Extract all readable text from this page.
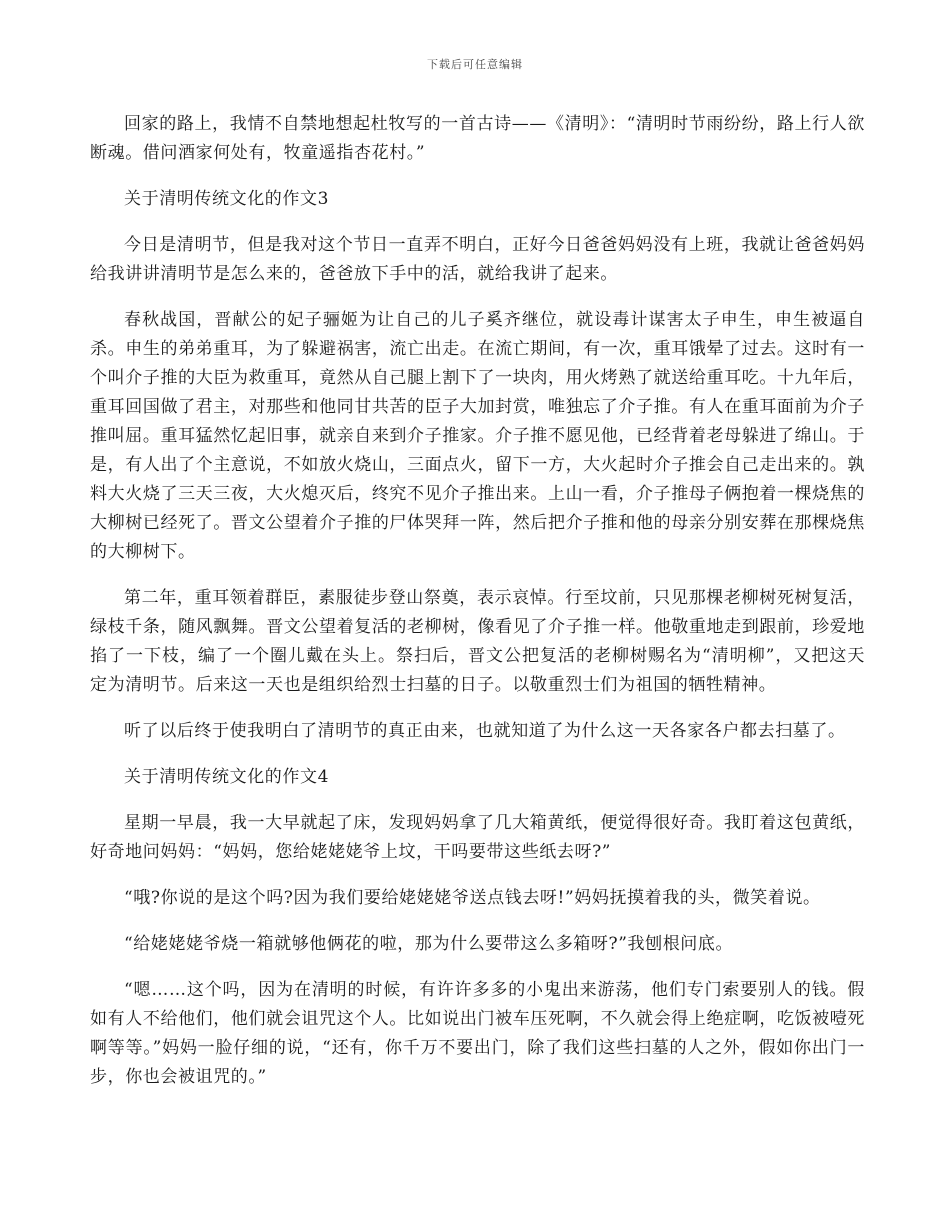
下载后可任意编辑

回家的路上，我情不自禁地想起杜牧写的一首古诗——《清明》：“清明时节雨纷纷，路上行人欲断魂。借问酒家何处有，牧童遥指杏花村。”

关于清明传统文化的作文3

今日是清明节，但是我对这个节日一直弄不明白，正好今日爸爸妈妈没有上班，我就让爸爸妈妈给我讲讲清明节是怎么来的，爸爸放下手中的活，就给我讲了起来。

春秋战国，晋献公的妃子骊姬为让自己的儿子奚齐继位，就设毒计谋害太子申生，申生被逼自杀。申生的弟弟重耳，为了躲避祸害，流亡出走。在流亡期间，有一次，重耳饿晕了过去。这时有一个叫介子推的大臣为救重耳，竟然从自己腿上割下了一块肉，用火烤熟了就送给重耳吃。十九年后，重耳回国做了君主，对那些和他同甘共苦的臣子大加封赏，唯独忘了介子推。有人在重耳面前为介子推叫屈。重耳猛然忆起旧事，就亲自来到介子推家。介子推不愿见他，已经背着老母躲进了绵山。于是，有人出了个主意说，不如放火烧山，三面点火，留下一方，大火起时介子推会自己走出来的。孰料大火烧了三天三夜，大火熄灭后，终究不见介子推出来。上山一看，介子推母子俩抱着一棵烧焦的大柳树已经死了。晋文公望着介子推的尸体哭拜一阵，然后把介子推和他的母亲分别安葬在那棵烧焦的大柳树下。

第二年，重耳领着群臣，素服徒步登山祭奠，表示哀悼。行至坟前，只见那棵老柳树死树复活，绿枝千条，随风飘舞。晋文公望着复活的老柳树，像看见了介子推一样。他敬重地走到跟前，珍爱地掐了一下枝，编了一个圈儿戴在头上。祭扫后，晋文公把复活的老柳树赐名为“清明柳”，又把这天定为清明节。后来这一天也是组织给烈士扫墓的日子。以敬重烈士们为祖国的牺牲精神。

听了以后终于使我明白了清明节的真正由来，也就知道了为什么这一天各家各户都去扫墓了。

关于清明传统文化的作文4

星期一早晨，我一大早就起了床，发现妈妈拿了几大箱黄纸，便觉得很好奇。我盯着这包黄纸，好奇地问妈妈：“妈妈，您给姥姥姥爷上坟，干吗要带这些纸去呀?”

“哦?你说的是这个吗?因为我们要给姥姥姥爷送点钱去呀!”妈妈抚摸着我的头，微笑着说。

“给姥姥姥爷烧一箱就够他俩花的啦，那为什么要带这么多箱呀?”我刨根问底。

“嗯……这个吗，因为在清明的时候，有许许多多的小鬼出来游荡，他们专门索要别人的钱。假如有人不给他们，他们就会诅咒这个人。比如说出门被车压死啊，不久就会得上绝症啊，吃饭被噎死啊等等。”妈妈一脸仔细的说，“还有，你千万不要出门，除了我们这些扫墓的人之外，假如你出门一步，你也会被诅咒的。”
